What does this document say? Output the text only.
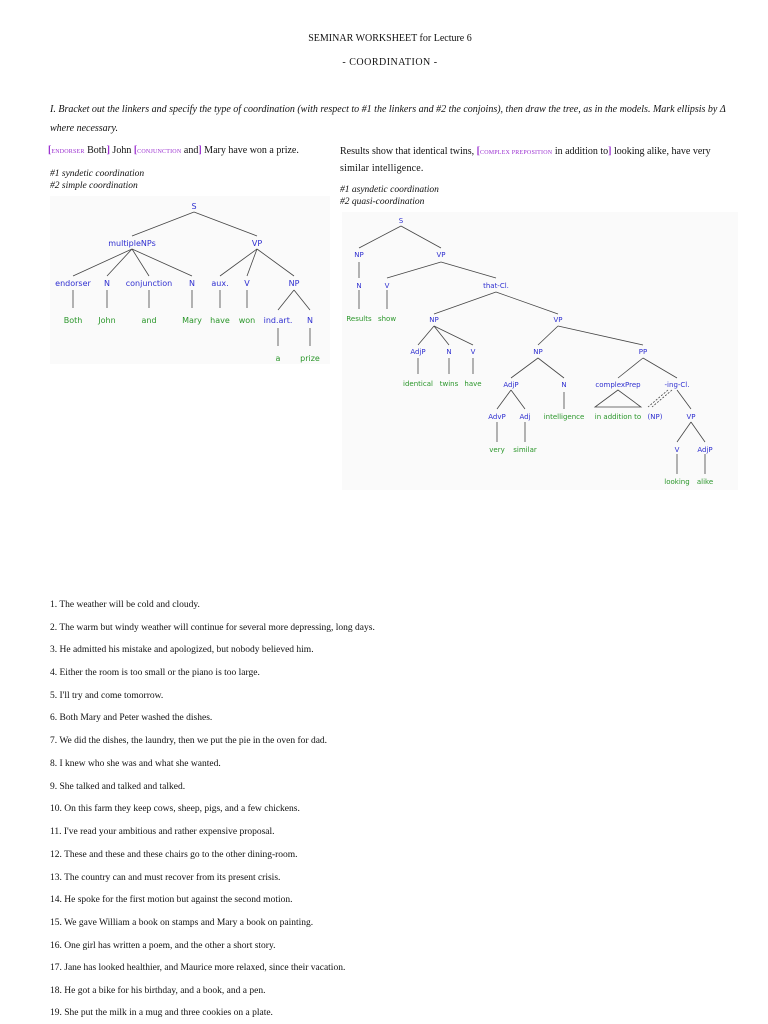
SEMINAR WORKSHEET for Lecture 6
- COORDINATION -
I. Bracket out the linkers and specify the type of coordination (with respect to #1 the linkers and #2 the conjoins), then draw the tree, as in the models. Mark ellipsis by Δ where necessary.
[ENDORSER Both] John [CONJUNCTION and] Mary have won a prize.
#1 syndetic coordination
#2 simple coordination
S
multipleNPs	VP
endorser N conjunction N aux. V	NP
Both John	and	Mary have won ind.art. N
a prize
Results show that identical twins, [COMPLEX PREPOSITION in addition to] looking alike, have very
similar intelligence.
#1 asyndetic coordination
#2 quasi-coordination
S
NP	VP
N	V	that-Cl.
Results show	NP	VP
AdjP	N	V	NP	PP
identical twins have	AdjP	N	complexPrep	-ing-Cl.
AdvP Adj intelligence in addition to (NP)	VP
very similar	V	AdjP
looking alike
1. The weather will be cold and cloudy.
2. The warm but windy weather will continue for several more depressing, long days.
3. He admitted his mistake and apologized, but nobody believed him.
4. Either the room is too small or the piano is too large.
5. I'll try and come tomorrow.
6. Both Mary and Peter washed the dishes.
7. We did the dishes, the laundry, then we put the pie in the oven for dad.
8. I knew who she was and what she wanted.
9. She talked and talked and talked.
10. On this farm they keep cows, sheep, pigs, and a few chickens.
11. I've read your ambitious and rather expensive proposal.
12. These and these and these chairs go to the other dining-room.
13. The country can and must recover from its present crisis.
14. He spoke for the first motion but against the second motion.
15. We gave William a book on stamps and Mary a book on painting.
16. One girl has written a poem, and the other a short story.
17. Jane has looked healthier, and Maurice more relaxed, since their vacation.
18. He got a bike for his birthday, and a book, and a pen.
19. She put the milk in a mug and three cookies on a plate.
